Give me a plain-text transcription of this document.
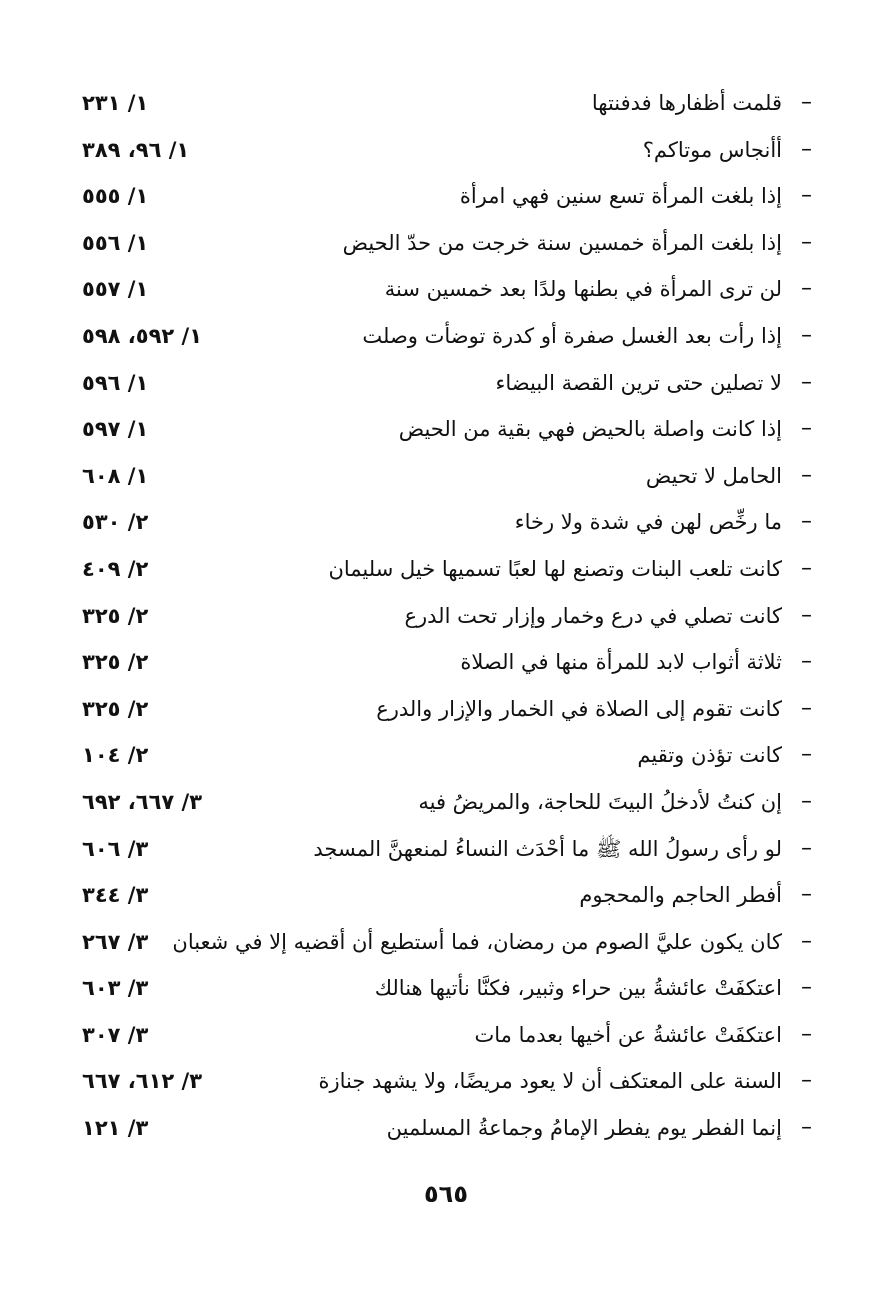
–
قلمت أظفارها فدفنتها
١/ ٢٣١
–
أأنجاس موتاكم؟
١/ ٩٦، ٣٨٩
–
إذا بلغت المرأة تسع سنين فهي امرأة
١/ ٥٥٥
–
إذا بلغت المرأة خمسين سنة خرجت من حدّ الحيض
١/ ٥٥٦
–
لن ترى المرأة في بطنها ولدًا بعد خمسين سنة
١/ ٥٥٧
–
إذا رأت بعد الغسل صفرة أو كدرة توضأت وصلت
١/ ٥٩٢، ٥٩٨
–
لا تصلين حتى ترين القصة البيضاء
١/ ٥٩٦
–
إذا كانت واصلة بالحيض فهي بقية من الحيض
١/ ٥٩٧
–
الحامل لا تحيض
١/ ٦٠٨
–
ما رخِّص لهن في شدة ولا رخاء
٢/ ٥٣٠
–
كانت تلعب البنات وتصنع لها لعبًا تسميها خيل سليمان
٢/ ٤٠٩
–
كانت تصلي في درع وخمار وإزار تحت الدرع
٢/ ٣٢٥
–
ثلاثة أثواب لابد للمرأة منها في الصلاة
٢/ ٣٢٥
–
كانت تقوم إلى الصلاة في الخمار والإزار والدرع
٢/ ٣٢٥
–
كانت تؤذن وتقيم
٢/ ١٠٤
–
إن كنتُ لأدخلُ البيتَ للحاجة، والمريضُ فيه
٣/ ٦٦٧، ٦٩٢
–
لو رأى رسولُ الله ﷺ ما أحْدَث النساءُ لمنعهنَّ المسجد
٣/ ٦٠٦
–
أفطر الحاجم والمحجوم
٣/ ٣٤٤
–
كان يكون عليَّ الصوم من رمضان، فما أستطيع أن أقضيه إلا في شعبان
٣/ ٢٦٧
–
اعتكفَتْ عائشةُ بين حراء وثبير، فكنَّا نأتيها هنالك
٣/ ٦٠٣
–
اعتكفَتْ عائشةُ عن أخيها بعدما مات
٣/ ٣٠٧
–
السنة على المعتكف أن لا يعود مريضًا، ولا يشهد جنازة
٣/ ٦١٢، ٦٦٧
–
إنما الفطر يوم يفطر الإمامُ وجماعةُ المسلمين
٣/ ١٢١
٥٦٥
